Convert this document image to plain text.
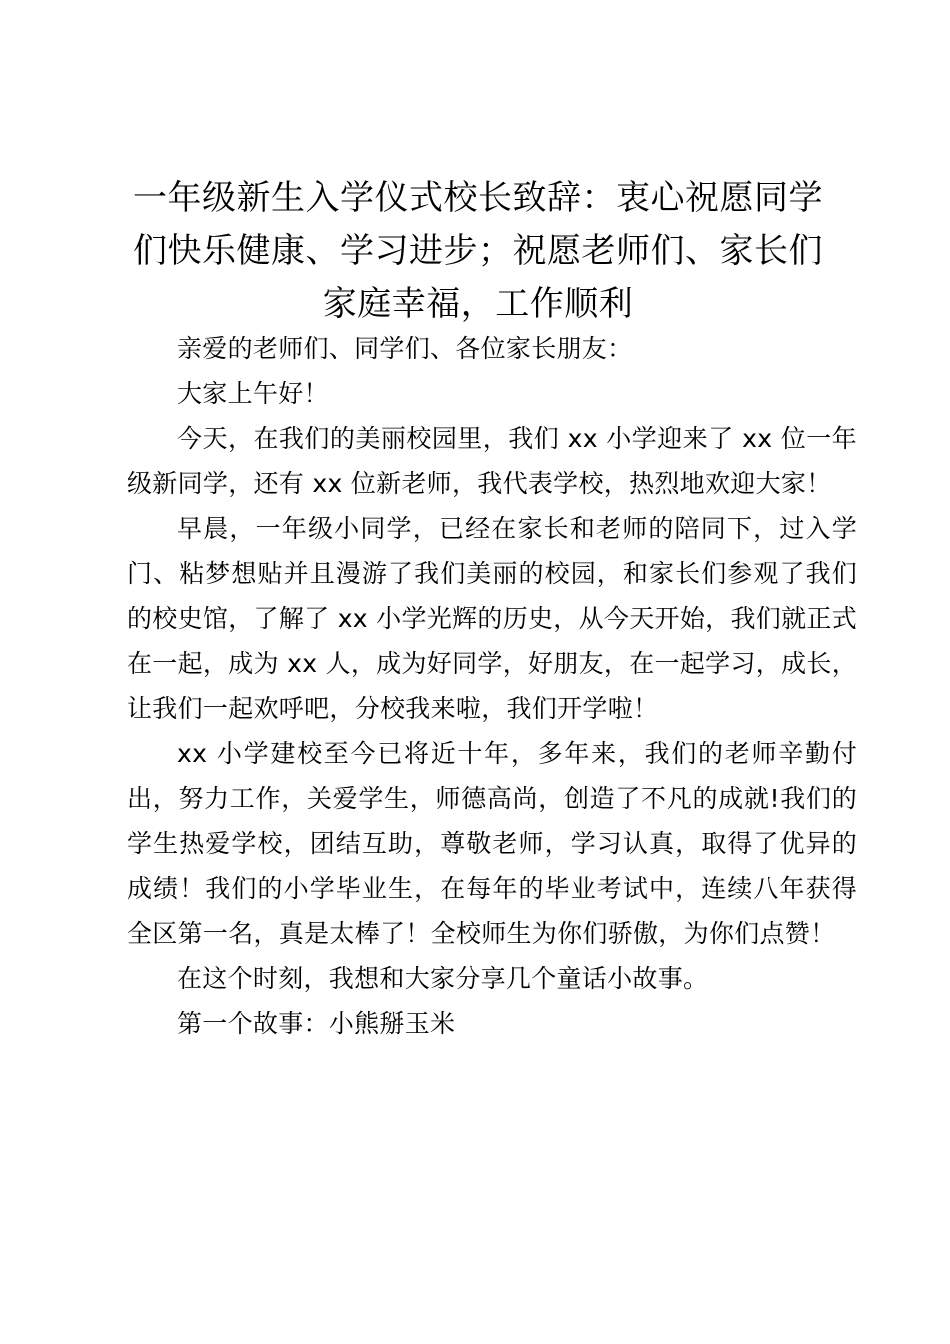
一年级新生入学仪式校长致辞：衷心祝愿同学们快乐健康、学习进步；祝愿老师们、家长们家庭幸福，工作顺利

亲爱的老师们、同学们、各位家长朋友：

大家上午好！

今天，在我们的美丽校园里，我们 xx 小学迎来了 xx 位一年级新同学，还有 xx 位新老师，我代表学校，热烈地欢迎大家！

早晨，一年级小同学，已经在家长和老师的陪同下，过入学门、粘梦想贴并且漫游了我们美丽的校园，和家长们参观了我们的校史馆，了解了 xx 小学光辉的历史，从今天开始，我们就正式在一起，成为 xx 人，成为好同学，好朋友，在一起学习，成长，让我们一起欢呼吧，分校我来啦，我们开学啦！

xx 小学建校至今已将近十年，多年来，我们的老师辛勤付出，努力工作，关爱学生，师德高尚，创造了不凡的成就!我们的学生热爱学校，团结互助，尊敬老师，学习认真，取得了优异的成绩！我们的小学毕业生，在每年的毕业考试中，连续八年获得全区第一名，真是太棒了！全校师生为你们骄傲，为你们点赞！

在这个时刻，我想和大家分享几个童话小故事。

第一个故事：小熊掰玉米
